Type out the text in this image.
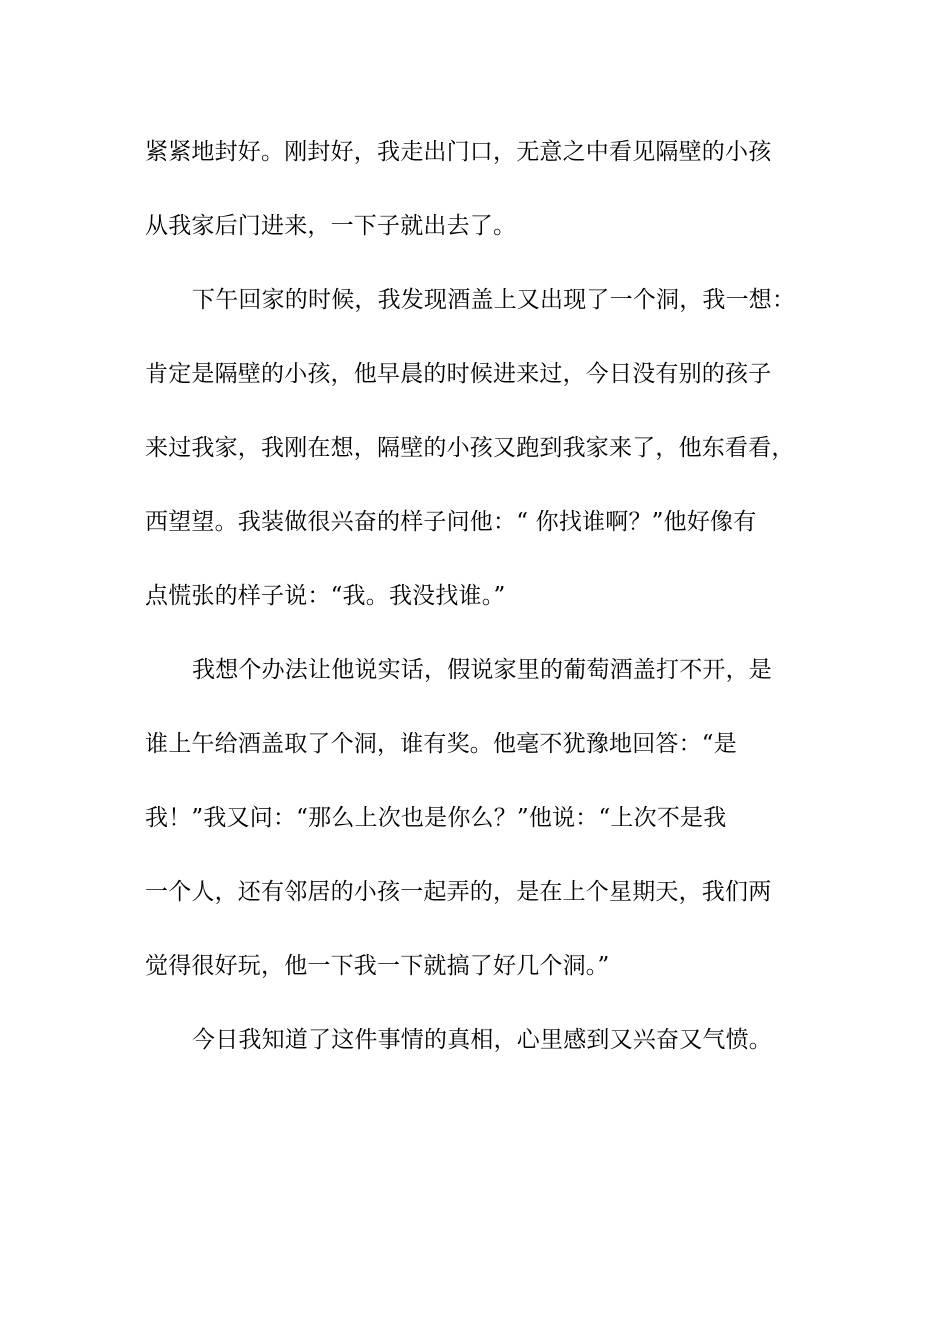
紧紧地封好。刚封好，我走出门口，无意之中看见隔壁的小孩
从我家后门进来，一下子就出去了。
下午回家的时候，我发现酒盖上又出现了一个洞，我一想：
肯定是隔壁的小孩，他早晨的时候进来过，今日没有别的孩子
来过我家，我刚在想，隔壁的小孩又跑到我家来了，他东看看，
西望望。我装做很兴奋的样子问他：“ 你找谁啊？”他好像有
点慌张的样子说：“我。我没找谁。”
我想个办法让他说实话，假说家里的葡萄酒盖打不开，是
谁上午给酒盖取了个洞，谁有奖。他毫不犹豫地回答：“是
我！”我又问：“那么上次也是你么？”他说：“上次不是我
一个人，还有邻居的小孩一起弄的，是在上个星期天，我们两
觉得很好玩，他一下我一下就搞了好几个洞。”
今日我知道了这件事情的真相，心里感到又兴奋又气愤。
